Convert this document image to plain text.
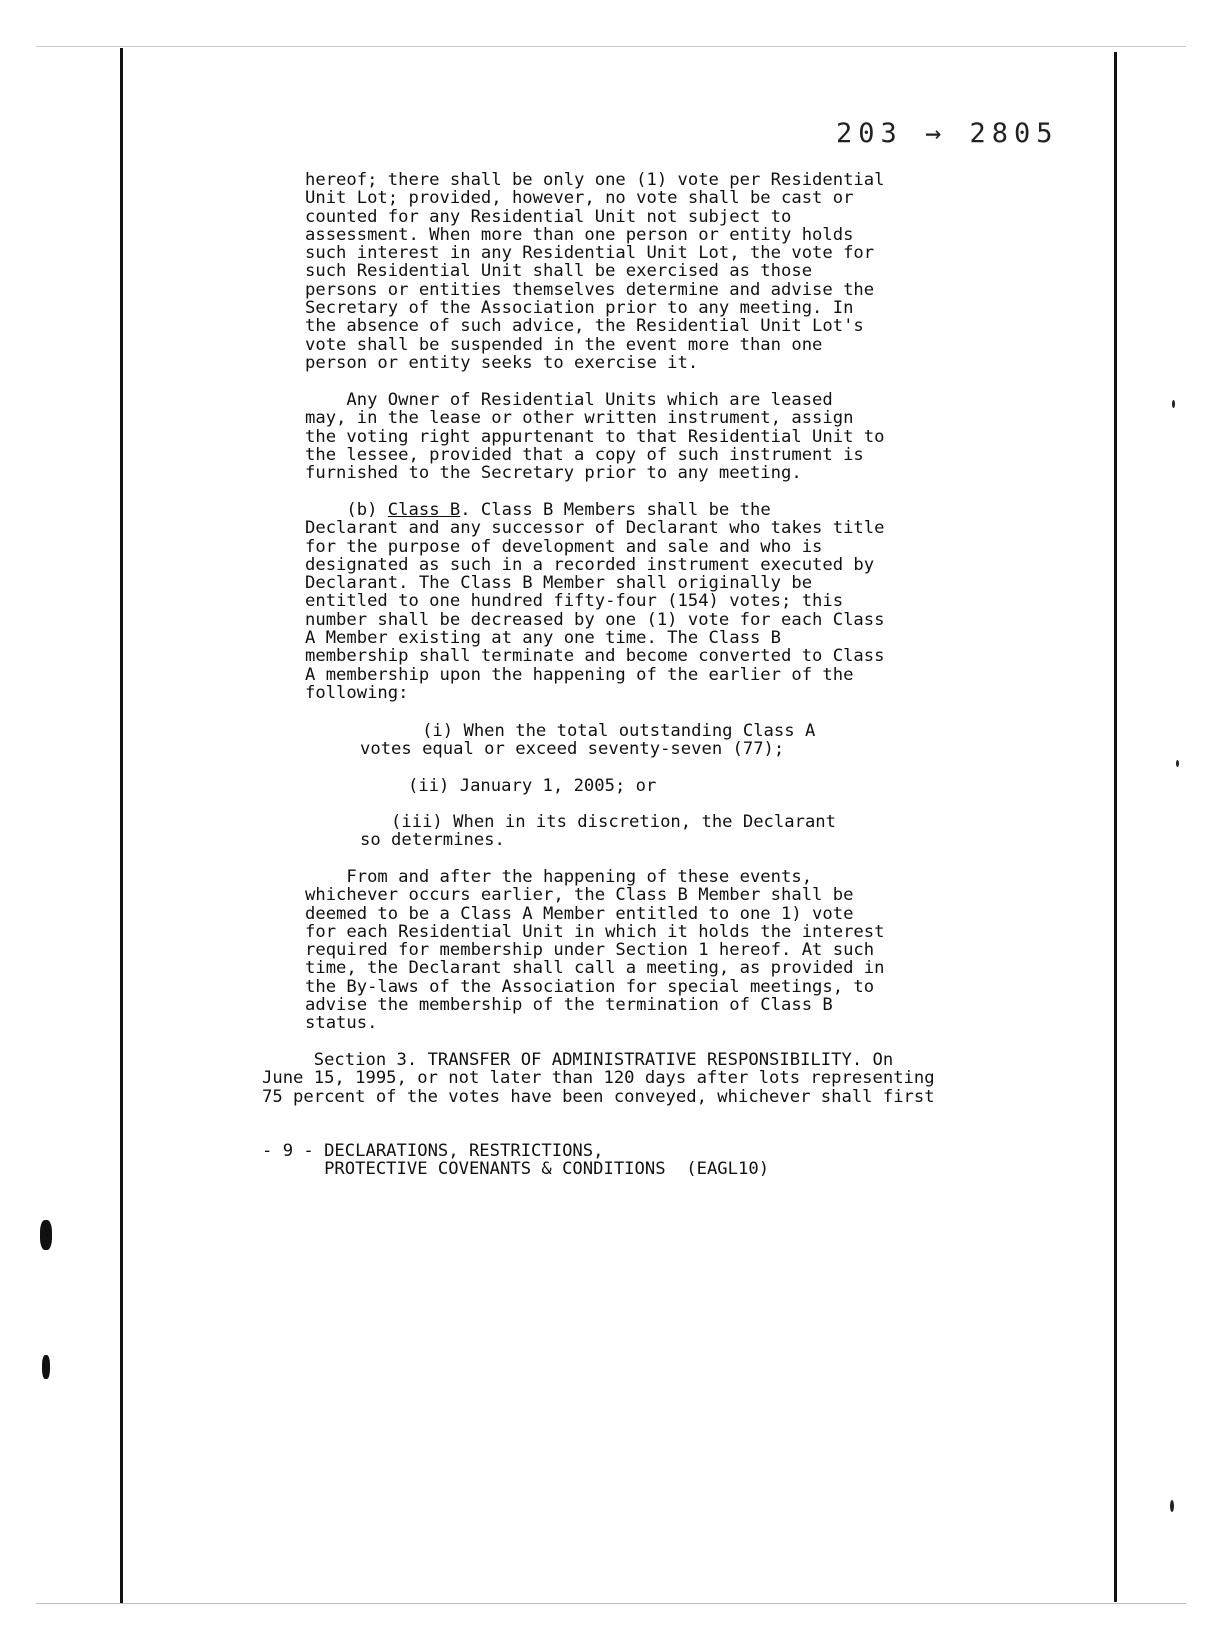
203 → 2805
hereof; there shall be only one (1) vote per Residential
Unit Lot; provided, however, no vote shall be cast or
counted for any Residential Unit not subject to
assessment. When more than one person or entity holds
such interest in any Residential Unit Lot, the vote for
such Residential Unit shall be exercised as those
persons or entities themselves determine and advise the
Secretary of the Association prior to any meeting. In
the absence of such advice, the Residential Unit Lot's
vote shall be suspended in the event more than one
person or entity seeks to exercise it.
Any Owner of Residential Units which are leased
may, in the lease or other written instrument, assign
the voting right appurtenant to that Residential Unit to
the lessee, provided that a copy of such instrument is
furnished to the Secretary prior to any meeting.
(b) Class B. Class B Members shall be the
Declarant and any successor of Declarant who takes title
for the purpose of development and sale and who is
designated as such in a recorded instrument executed by
Declarant. The Class B Member shall originally be
entitled to one hundred fifty-four (154) votes; this
number shall be decreased by one (1) vote for each Class
A Member existing at any one time. The Class B
membership shall terminate and become converted to Class
A membership upon the happening of the earlier of the
following:
(i) When the total outstanding Class A
votes equal or exceed seventy-seven (77);
(ii) January 1, 2005; or
(iii) When in its discretion, the Declarant
so determines.
From and after the happening of these events,
whichever occurs earlier, the Class B Member shall be
deemed to be a Class A Member entitled to one 1) vote
for each Residential Unit in which it holds the interest
required for membership under Section 1 hereof. At such
time, the Declarant shall call a meeting, as provided in
the By-laws of the Association for special meetings, to
advise the membership of the termination of Class B
status.
Section 3. TRANSFER OF ADMINISTRATIVE RESPONSIBILITY. On
June 15, 1995, or not later than 120 days after lots representing
75 percent of the votes have been conveyed, whichever shall first
- 9 - DECLARATIONS, RESTRICTIONS,
PROTECTIVE COVENANTS & CONDITIONS  (EAGL10)
